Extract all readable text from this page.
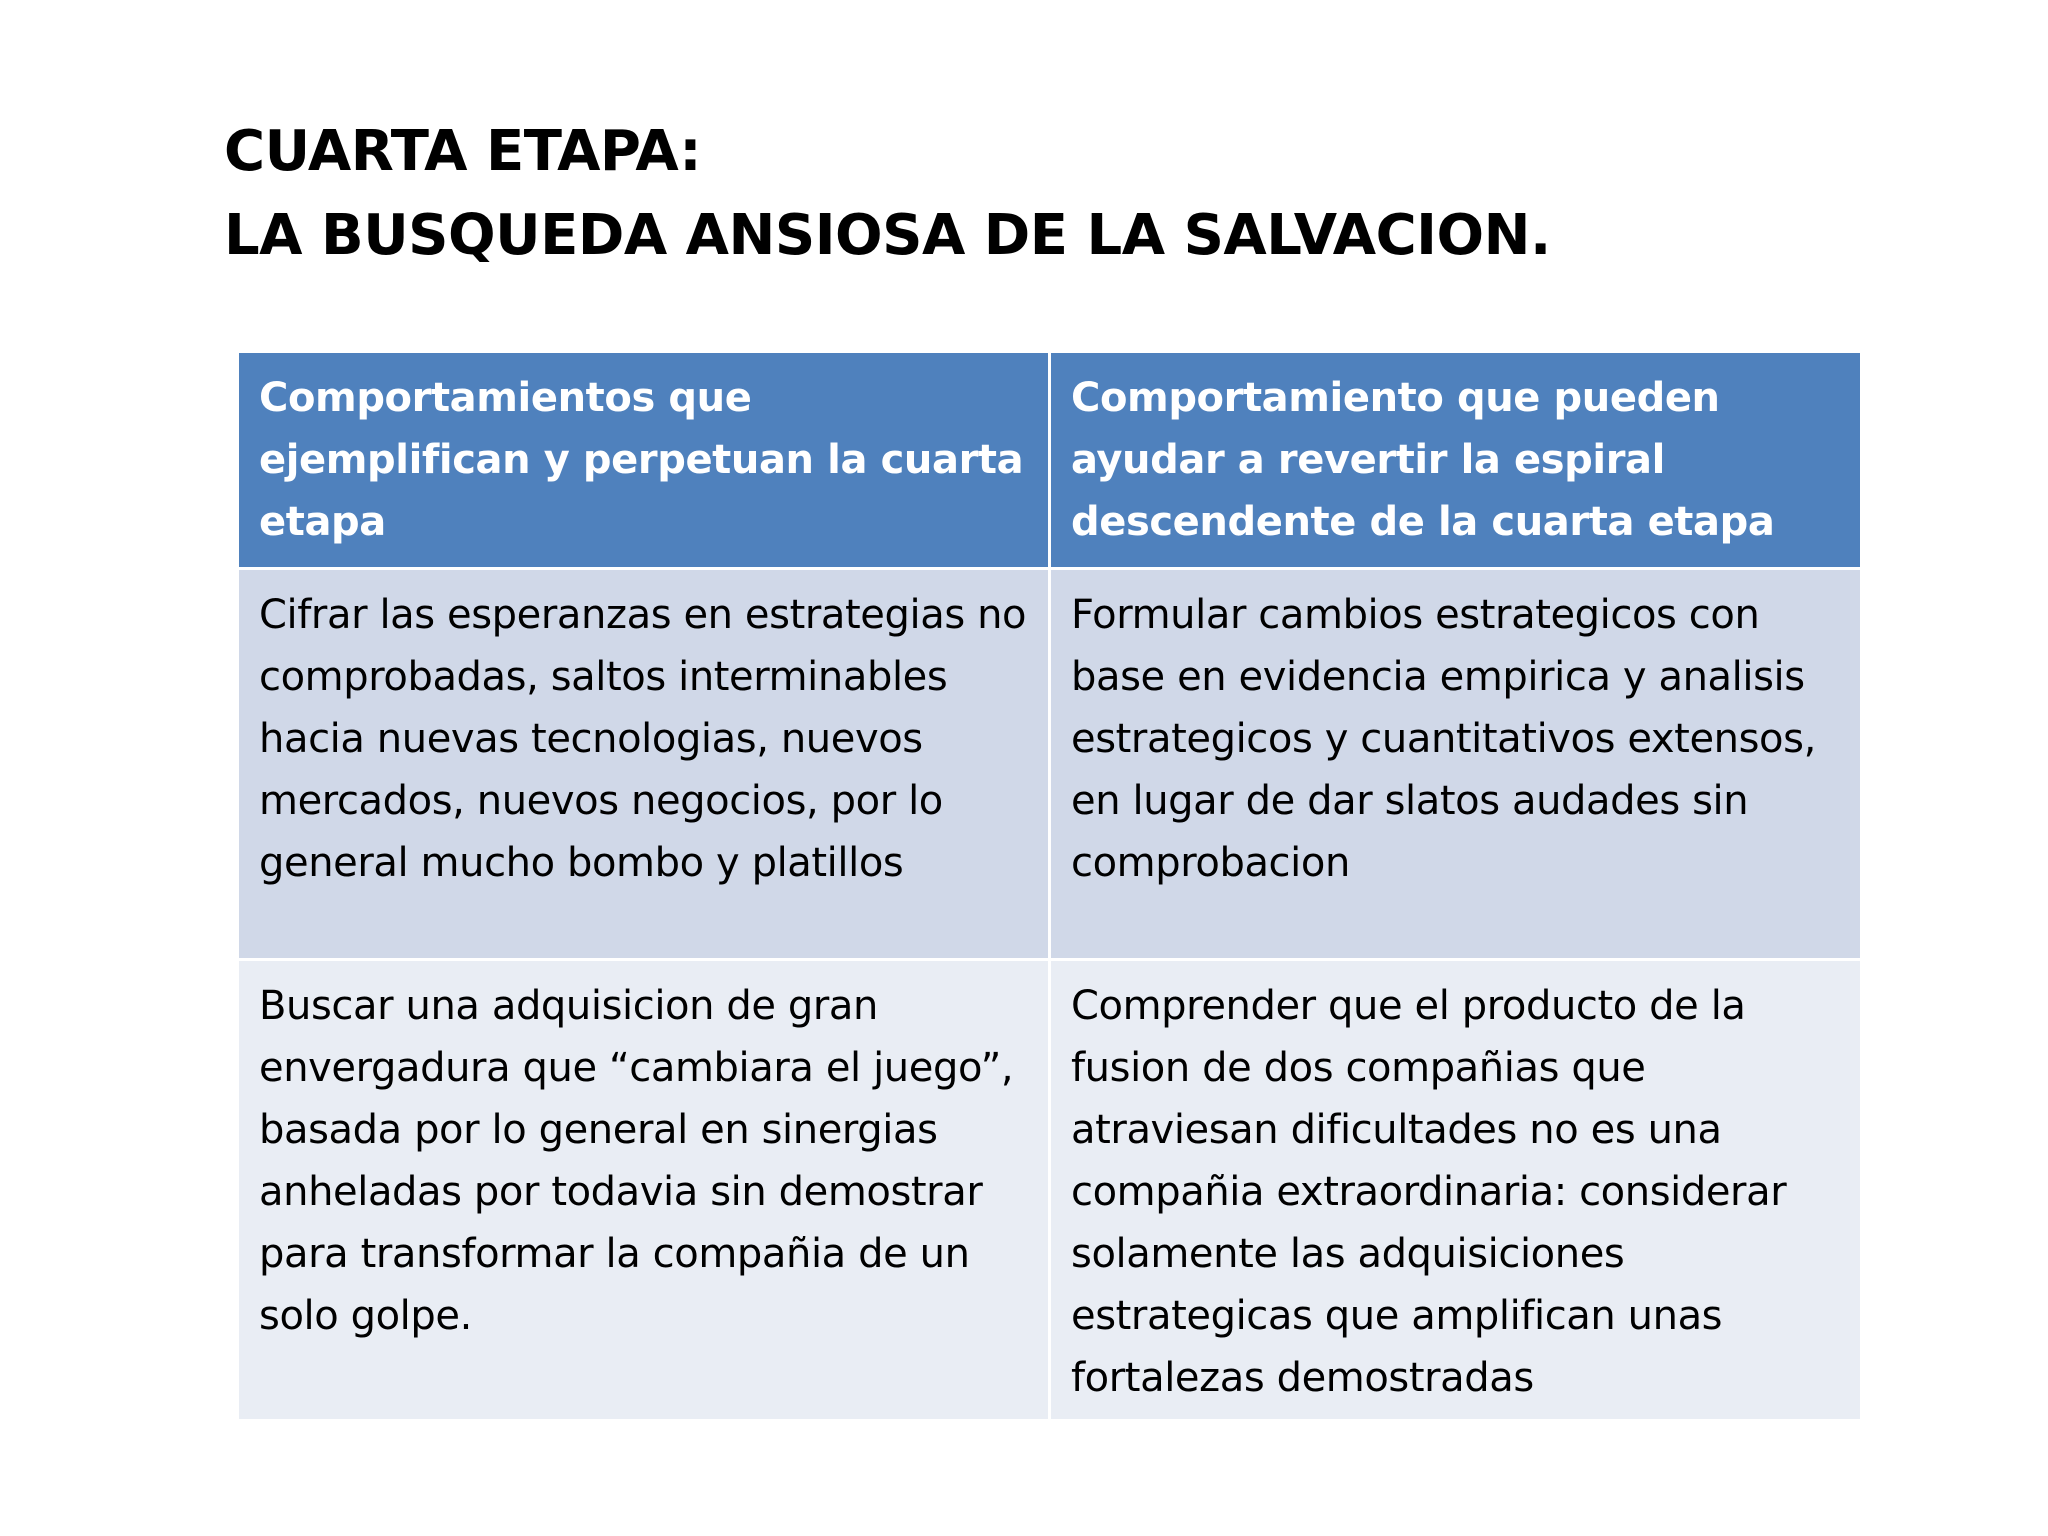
CUARTA ETAPA:
LA BUSQUEDA ANSIOSA DE LA SALVACION.
Comportamientos que ejemplifican y perpetuan la cuarta etapa	Comportamiento que pueden ayudar a revertir la espiral descendente de la cuarta etapa
Cifrar las esperanzas en estrategias no comprobadas, saltos interminables hacia nuevas tecnologias, nuevos mercados, nuevos negocios, por lo general mucho bombo y platillos	Formular cambios estrategicos con base en evidencia empirica y analisis estrategicos y cuantitativos extensos, en lugar de dar slatos audades sin comprobacion
Buscar una adquisicion de gran envergadura que “cambiara el juego”, basada por lo general en sinergias anheladas por todavia sin demostrar para transformar la compañia de un solo golpe.	Comprender que el producto de la fusion de dos compañias que atraviesan dificultades no es una compañia extraordinaria: considerar solamente las adquisiciones estrategicas que amplifican unas fortalezas demostradas
